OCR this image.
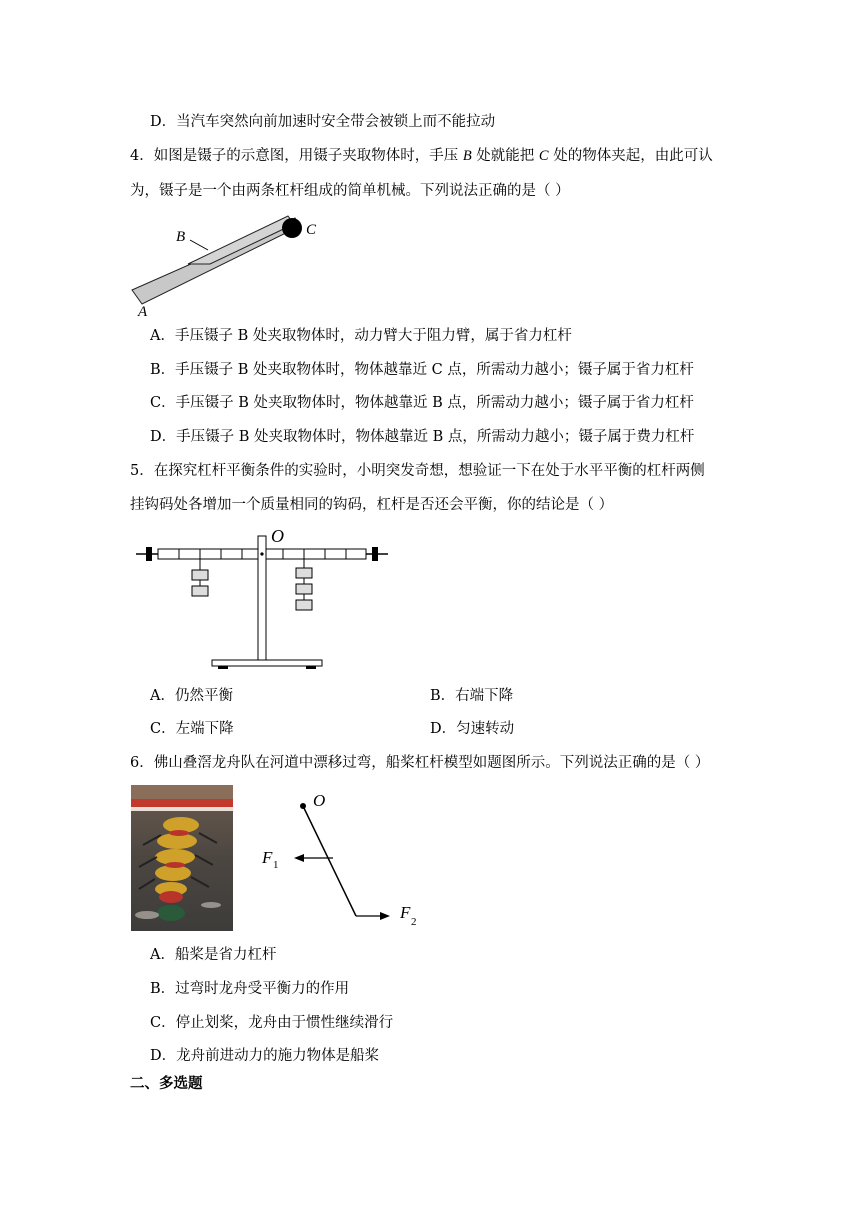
D．当汽车突然向前加速时安全带会被锁上而不能拉动
4．如图是镊子的示意图，用镊子夹取物体时，手压 B 处就能把 C 处的物体夹起，由此可认
为，镊子是一个由两条杠杆组成的简单机械。下列说法正确的是（ ）
B	C
A
A．手压镊子 B 处夹取物体时，动力臂大于阻力臂，属于省力杠杆
B．手压镊子 B 处夹取物体时，物体越靠近 C 点，所需动力越小；镊子属于省力杠杆
C．手压镊子 B 处夹取物体时，物体越靠近 B 点，所需动力越小；镊子属于省力杠杆
D．手压镊子 B 处夹取物体时，物体越靠近 B 点，所需动力越小；镊子属于费力杠杆
5．在探究杠杆平衡条件的实验时，小明突发奇想，想验证一下在处于水平平衡的杠杆两侧
挂钩码处各增加一个质量相同的钩码，杠杆是否还会平衡，你的结论是（ ）
O
A．仍然平衡	B．右端下降
C．左端下降	D．匀速转动
6．佛山叠滘龙舟队在河道中漂移过弯，船桨杠杆模型如题图所示。下列说法正确的是（ ）
O
F 1
F 2
A．船桨是省力杠杆
B．过弯时龙舟受平衡力的作用
C．停止划桨，龙舟由于惯性继续滑行
D．龙舟前进动力的施力物体是船桨
二、多选题
